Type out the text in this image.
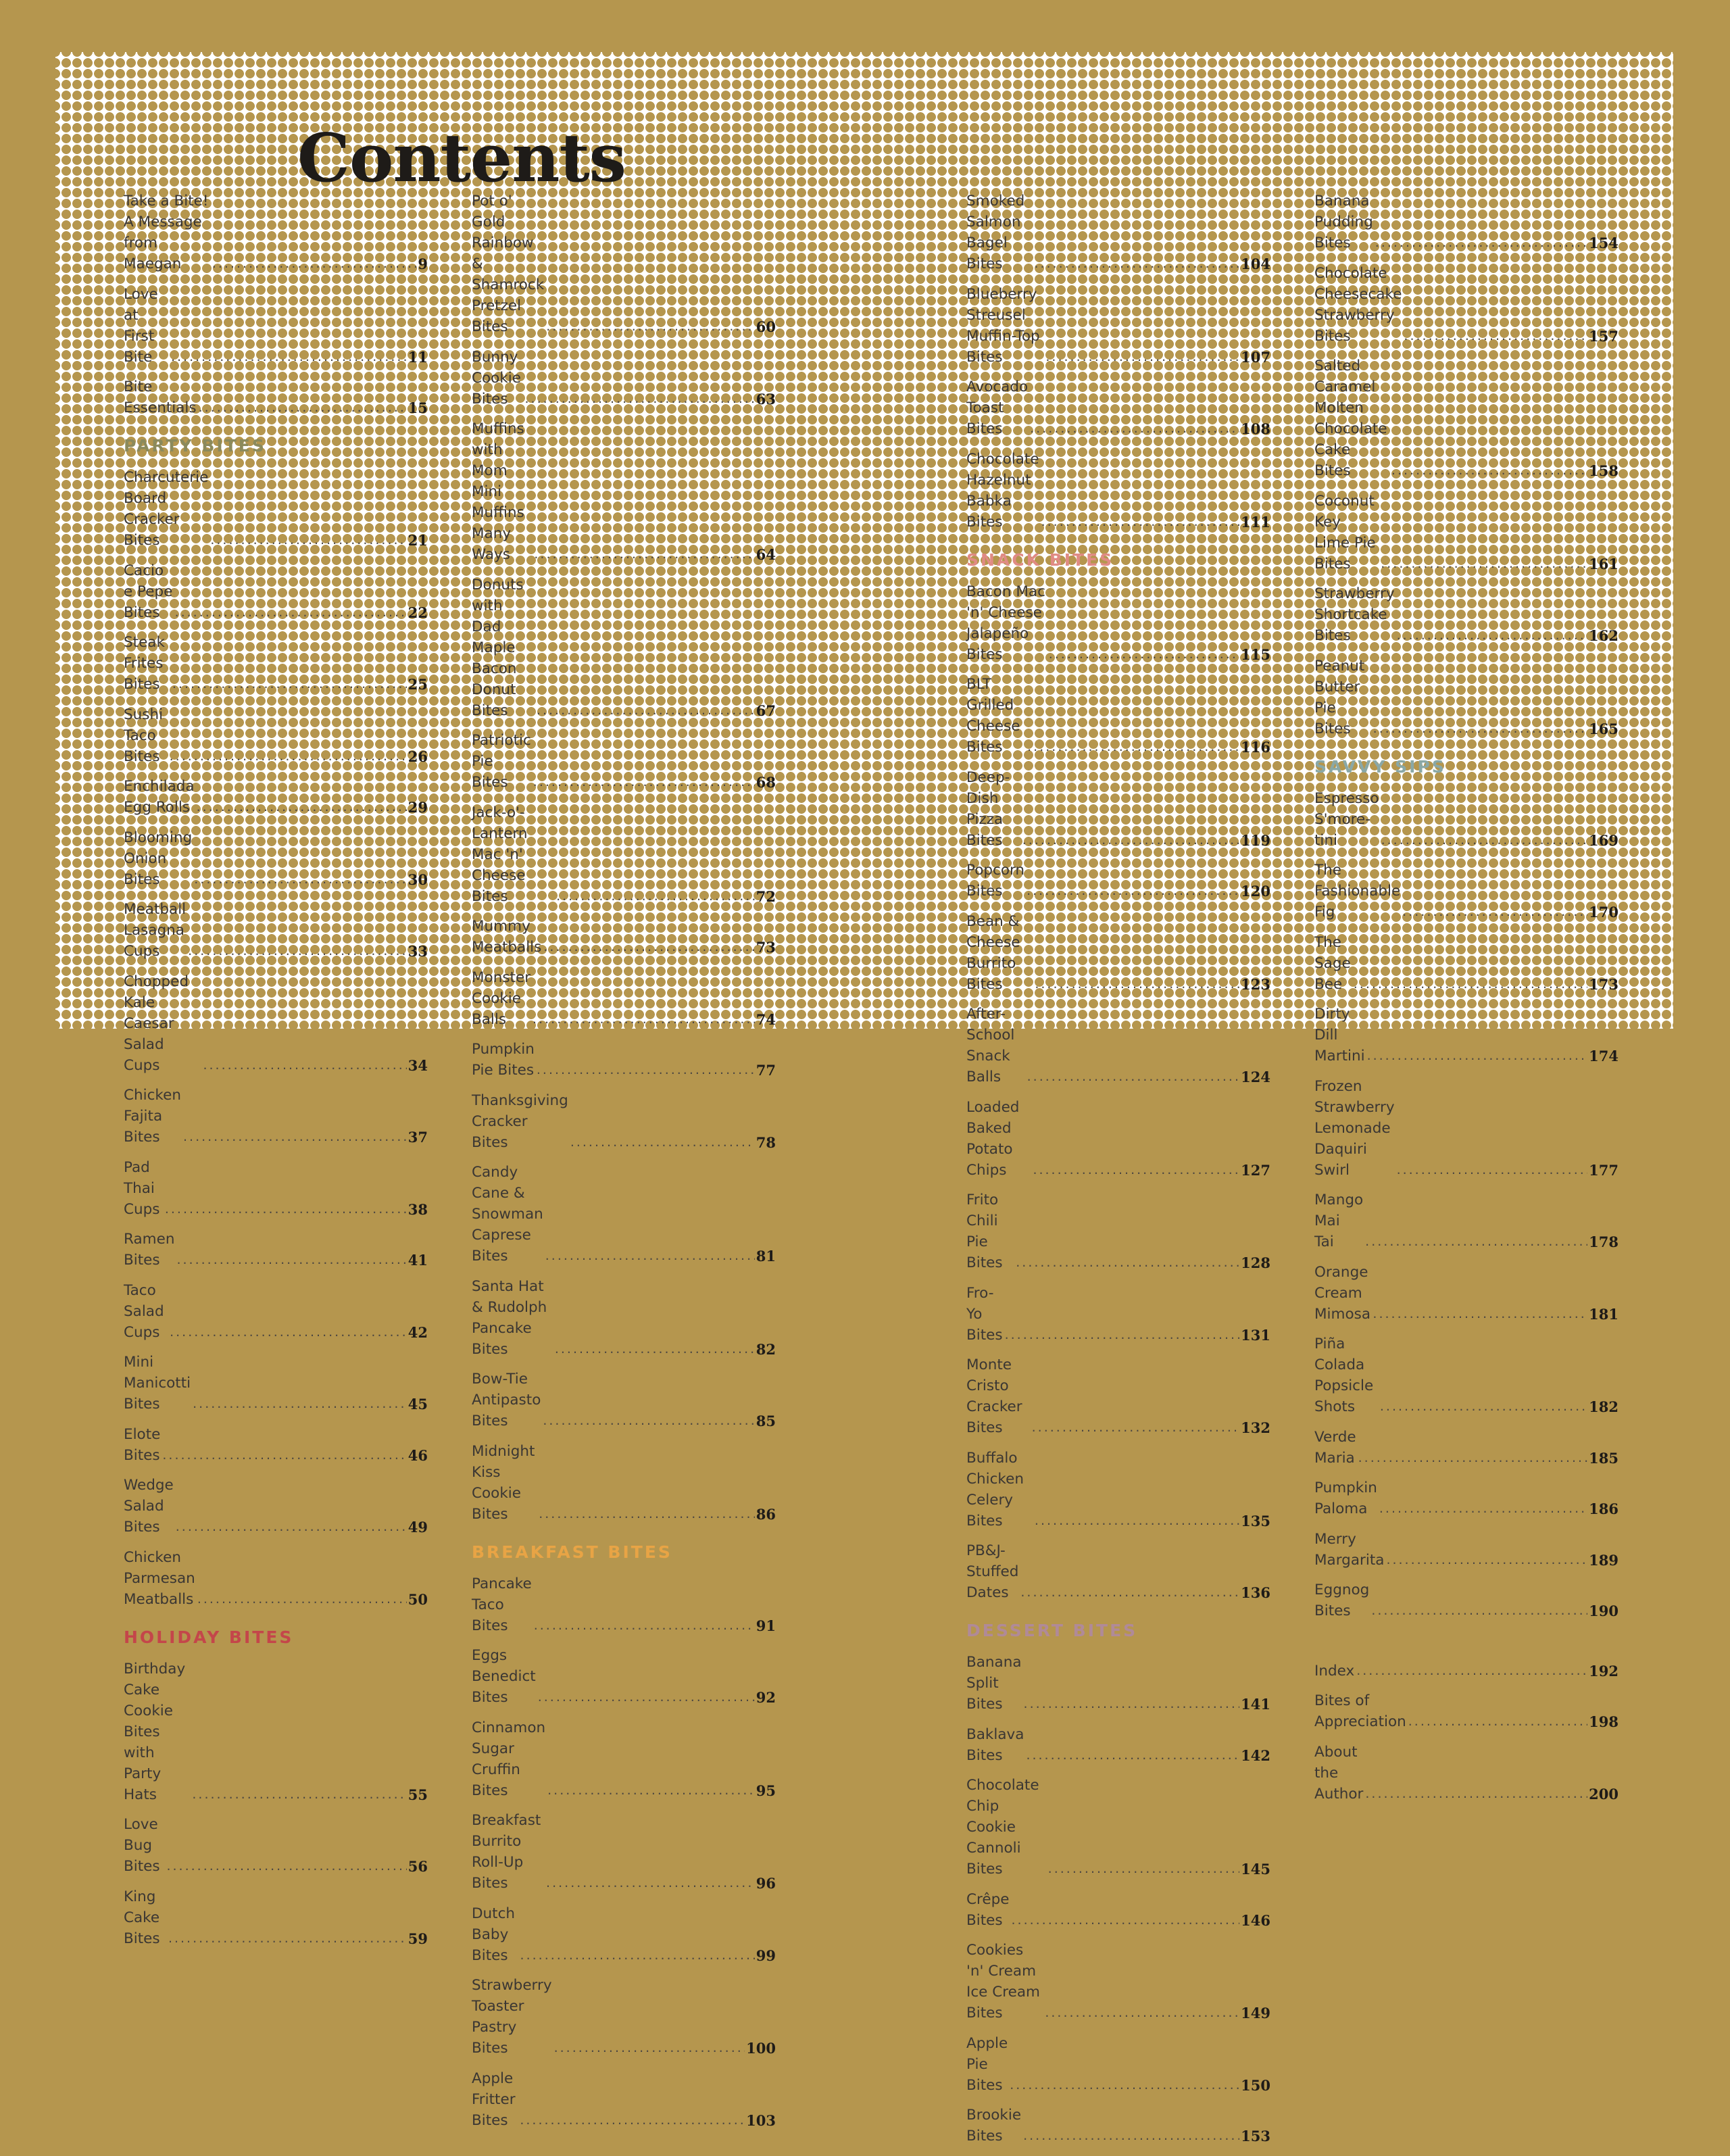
Contents
Take a Bite! A Message from Maegan .....	9
Love at First Bite .....	11
Bite Essentials .....	15
PARTY BITES
Charcuterie Board Cracker Bites .....	21
Cacio e Pepe Bites .....	22
Steak Frites Bites .....	25
Sushi Taco Bites .....	26
Enchilada Egg Rolls .....	29
Blooming Onion Bites .....	30
Meatball Lasagna Cups .....	33
Chopped Kale Caesar Salad Cups .....	34
Chicken Fajita Bites .....	37
Pad Thai Cups .....	38
Ramen Bites .....	41
Taco Salad Cups .....	42
Mini Manicotti Bites .....	45
Elote Bites .....	46
Wedge Salad Bites .....	49
Chicken Parmesan Meatballs .....	50
HOLIDAY BITES
Birthday Cake Cookie Bites
with Party Hats .....	55
Love Bug Bites .....	56
King Cake Bites .....	59
Pot o' Gold Rainbow &
Shamrock Pretzel Bites .....	60
Bunny Cookie Bites .....	63
Muffins with Mom
Mini Muffins Many Ways .....	64
Donuts with Dad
Maple Bacon Donut Bites .....	67
Patriotic Pie Bites .....	68
Jack-o'-Lantern Mac 'n' Cheese Bites .....	72
Mummy Meatballs .....	73
Monster Cookie Balls .....	74
Pumpkin Pie Bites .....	77
Thanksgiving Cracker Bites .....	78
Candy Cane &
Snowman Caprese Bites .....	81
Santa Hat & Rudolph Pancake Bites .....	82
Bow-Tie Antipasto Bites .....	85
Midnight Kiss Cookie Bites .....	86
BREAKFAST BITES
Pancake Taco Bites .....	91
Eggs Benedict Bites .....	92
Cinnamon Sugar Cruffin Bites .....	95
Breakfast Burrito Roll-Up Bites .....	96
Dutch Baby Bites .....	99
Strawberry Toaster Pastry Bites .....	100
Apple Fritter Bites .....	103
Smoked Salmon Bagel Bites .....	104
Blueberry Streusel Muffin-Top Bites .....	107
Avocado Toast Bites .....	108
Chocolate Hazelnut Babka Bites .....	111
SNACK BITES
Bacon Mac 'n' Cheese Jalapeño Bites .....	115
BLT Grilled Cheese Bites .....	116
Deep-Dish Pizza Bites .....	119
Popcorn Bites .....	120
Bean & Cheese Burrito Bites .....	123
After-School Snack Balls .....	124
Loaded Baked Potato Chips .....	127
Frito Chili Pie Bites .....	128
Fro-Yo Bites .....	131
Monte Cristo Cracker Bites .....	132
Buffalo Chicken Celery Bites .....	135
PB&J-Stuffed Dates .....	136
DESSERT BITES
Banana Split Bites .....	141
Baklava Bites .....	142
Chocolate Chip Cookie Cannoli Bites .....	145
Crêpe Bites .....	146
Cookies 'n' Cream Ice Cream Bites .....	149
Apple Pie Bites .....	150
Brookie Bites .....	153
Banana Pudding Bites .....	154
Chocolate Cheesecake
Strawberry Bites .....	157
Salted Caramel Molten Chocolate
Cake Bites .....	158
Coconut Key Lime Pie Bites .....	161
Strawberry Shortcake Bites .....	162
Peanut Butter Pie Bites .....	165
SAVVY SIPS
Espresso S'more-tini .....	169
The Fashionable Fig .....	170
The Sage Bee .....	173
Dirty Dill Martini .....	174
Frozen Strawberry
Lemonade Daquiri Swirl .....	177
Mango Mai Tai .....	178
Orange Cream Mimosa .....	181
Piña Colada Popsicle Shots .....	182
Verde Maria .....	185
Pumpkin Paloma .....	186
Merry Margarita .....	189
Eggnog Bites .....	190
Index .....	192
Bites of Appreciation .....	198
About the Author .....	200
